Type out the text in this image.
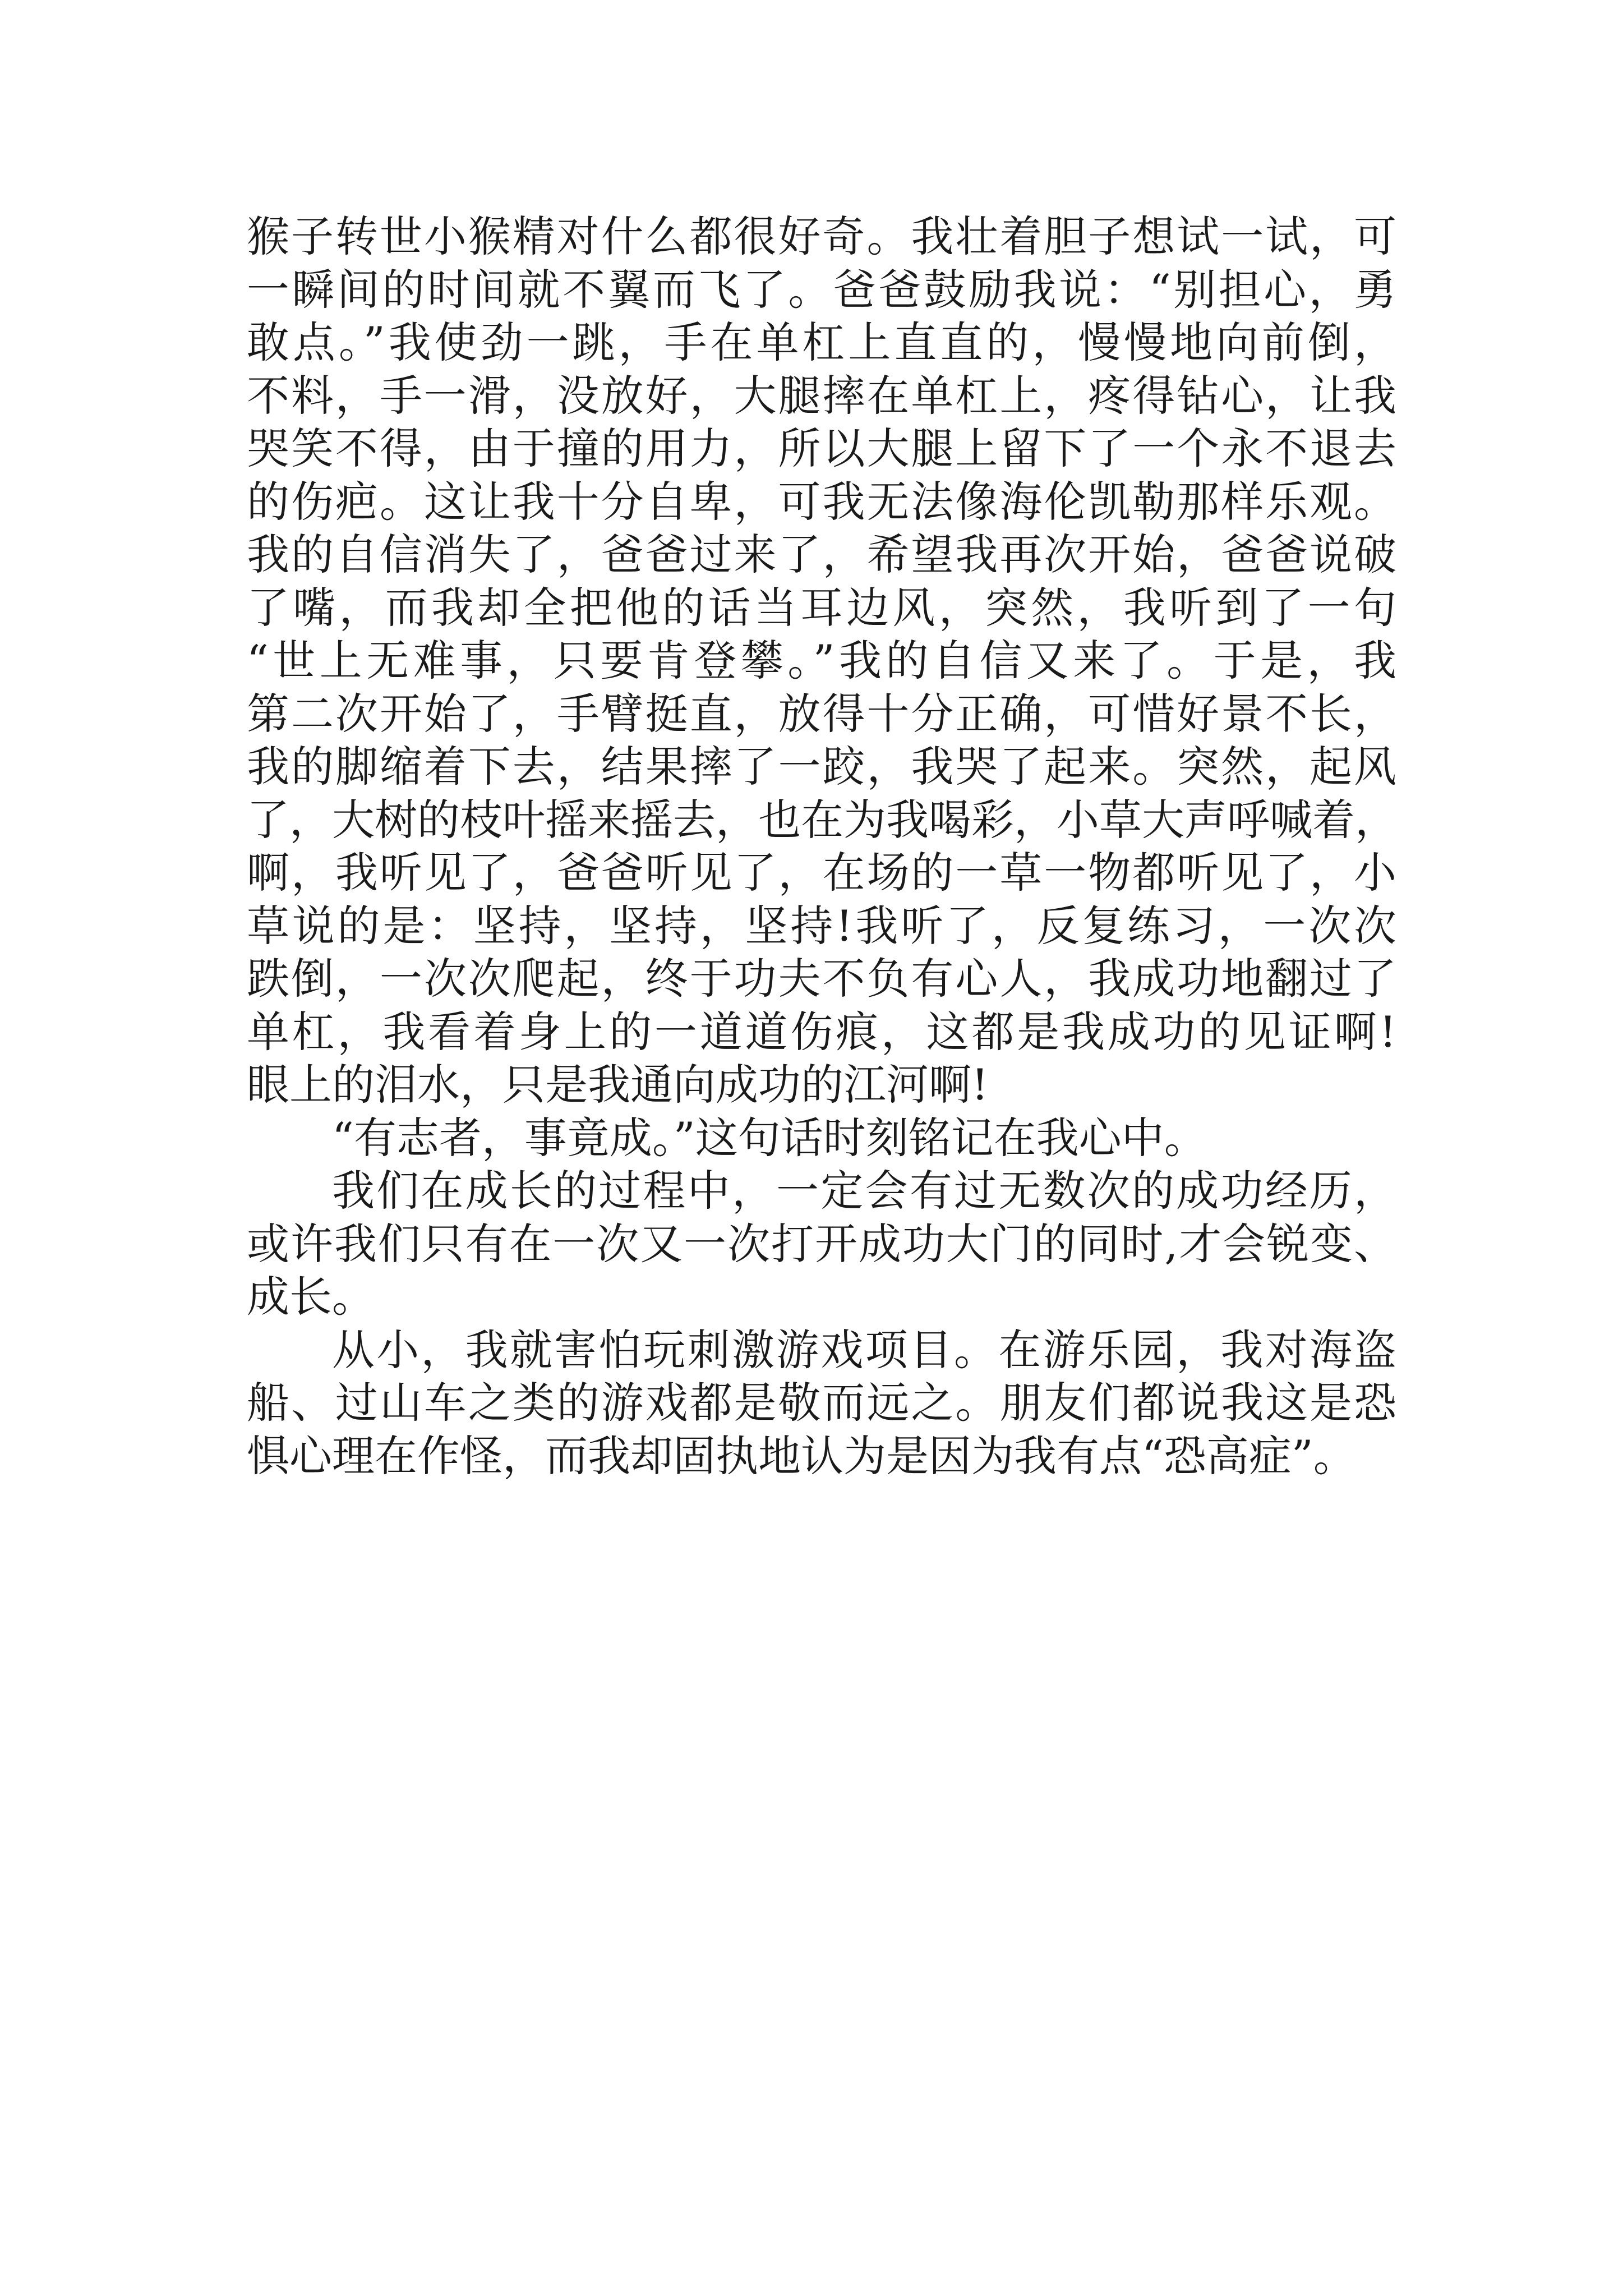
猴子转世小猴精对什么都很好奇。我壮着胆子想试一试，可
一瞬间的时间就不翼而飞了。爸爸鼓励我说：“别担心，勇
敢点。”我使劲一跳，手在单杠上直直的，慢慢地向前倒，
不料，手一滑，没放好，大腿摔在单杠上，疼得钻心，让我
哭笑不得，由于撞的用力，所以大腿上留下了一个永不退去
的伤疤。这让我十分自卑，可我无法像海伦凯勒那样乐观。
我的自信消失了，爸爸过来了，希望我再次开始，爸爸说破
了嘴，而我却全把他的话当耳边风，突然，我听到了一句
“世上无难事，只要肯登攀。”我的自信又来了。于是，我
第二次开始了，手臂挺直，放得十分正确，可惜好景不长，
我的脚缩着下去，结果摔了一跤，我哭了起来。突然，起风
了，大树的枝叶摇来摇去，也在为我喝彩，小草大声呼喊着，
啊，我听见了，爸爸听见了，在场的一草一物都听见了，小
草说的是：坚持，坚持，坚持!我听了，反复练习，一次次
跌倒，一次次爬起，终于功夫不负有心人，我成功地翻过了
单杠，我看着身上的一道道伤痕，这都是我成功的见证啊!
眼上的泪水，只是我通向成功的江河啊!
“有志者，事竟成。”这句话时刻铭记在我心中。
我们在成长的过程中，一定会有过无数次的成功经历，
或许我们只有在一次又一次打开成功大门的同时,才会锐变、
成长。
从小，我就害怕玩刺激游戏项目。在游乐园，我对海盗
船、过山车之类的游戏都是敬而远之。朋友们都说我这是恐
惧心理在作怪，而我却固执地认为是因为我有点“恐高症”。
